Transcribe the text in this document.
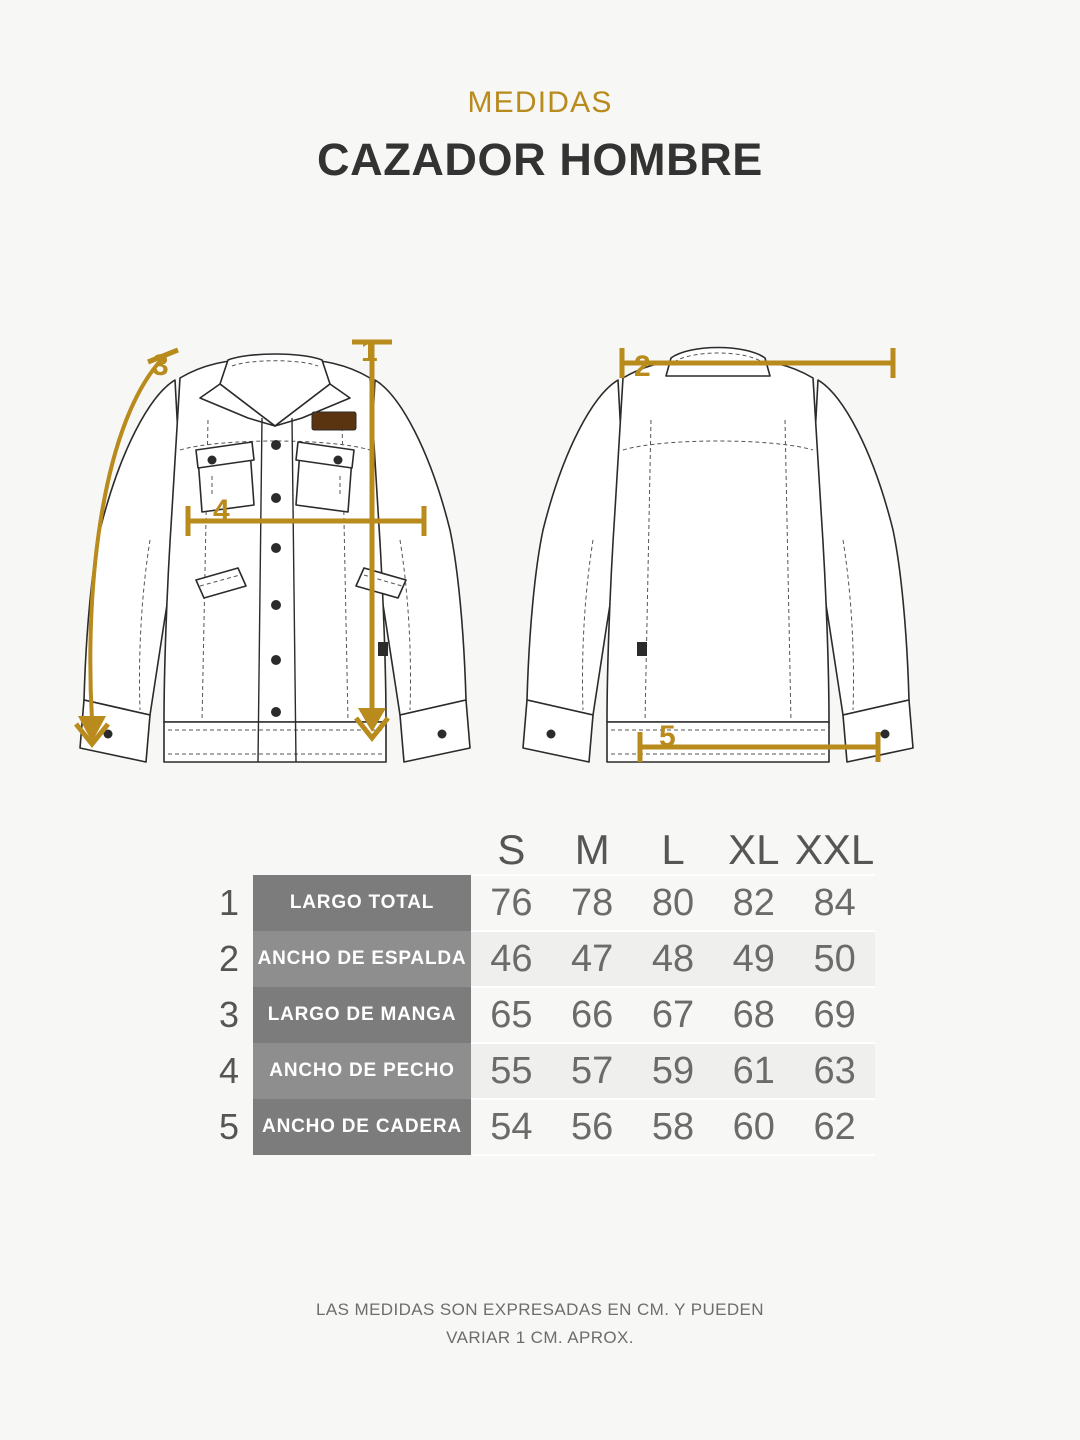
MEDIDAS
CAZADOR HOMBRE
1	2
3
4
5
		S	M	L	XL	XXL
1	LARGO TOTAL	76	78	80	82	84
2	ANCHO DE ESPALDA	46	47	48	49	50
3	LARGO DE MANGA	65	66	67	68	69
4	ANCHO DE PECHO	55	57	59	61	63
5	ANCHO DE CADERA	54	56	58	60	62
LAS MEDIDAS SON EXPRESADAS EN CM. Y PUEDEN
VARIAR 1 CM. APROX.
